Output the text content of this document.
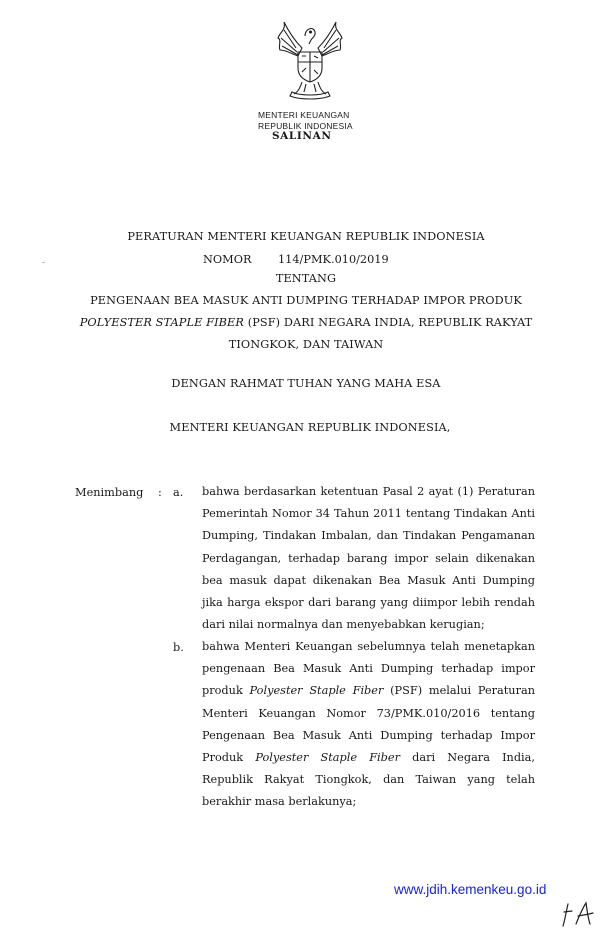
MENTERI KEUANGAN
REPUBLIK INDONESIA
SALINAN
PERATURAN MENTERI KEUANGAN REPUBLIK INDONESIA
NOMOR 114/PMK.010/2019
TENTANG
PENGENAAN BEA MASUK ANTI DUMPING TERHADAP IMPOR PRODUK
POLYESTER STAPLE FIBER (PSF) DARI NEGARA INDIA, REPUBLIK RAKYAT
TIONGKOK, DAN TAIWAN
DENGAN RAHMAT TUHAN YANG MAHA ESA
MENTERI KEUANGAN REPUBLIK INDONESIA,
Menimbang : a. bahwa berdasarkan ketentuan Pasal 2 ayat (1) Peraturan Pemerintah Nomor 34 Tahun 2011 tentang Tindakan Anti Dumping, Tindakan Imbalan, dan Tindakan Pengamanan Perdagangan, terhadap barang impor selain dikenakan bea masuk dapat dikenakan Bea Masuk Anti Dumping jika harga ekspor dari barang yang diimpor lebih rendah dari nilai normalnya dan menyebabkan kerugian;
b. bahwa Menteri Keuangan sebelumnya telah menetapkan pengenaan Bea Masuk Anti Dumping terhadap impor produk Polyester Staple Fiber (PSF) melalui Peraturan Menteri Keuangan Nomor 73/PMK.010/2016 tentang Pengenaan Bea Masuk Anti Dumping terhadap Impor Produk Polyester Staple Fiber dari Negara India, Republik Rakyat Tiongkok, dan Taiwan yang telah berakhir masa berlakunya;
www.jdih.kemenkeu.go.id
